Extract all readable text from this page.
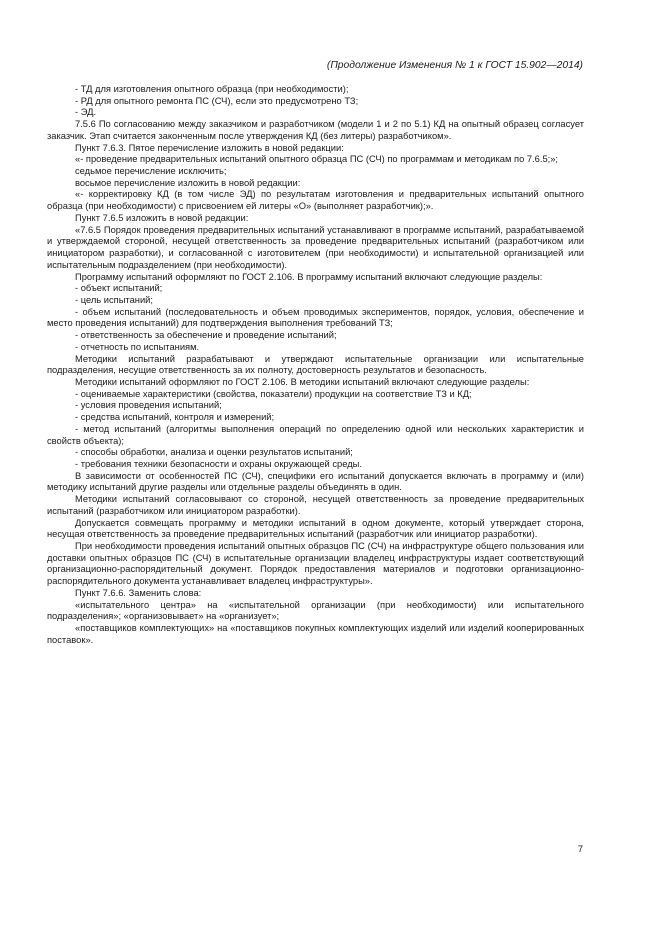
(Продолжение Изменения № 1 к ГОСТ 15.902—2014)

- ТД для изготовления опытного образца (при необходимости);

- РД для опытного ремонта ПС (СЧ), если это предусмотрено ТЗ;

- ЭД.

7.5.6 По согласованию между заказчиком и разработчиком (модели 1 и 2 по 5.1) КД на опытный образец согласует заказчик. Этап считается законченным после утверждения КД (без литеры) разработчиком».

Пункт 7.6.3. Пятое перечисление изложить в новой редакции:

«- проведение предварительных испытаний опытного образца ПС (СЧ) по программам и методикам по 7.6.5;»;

седьмое перечисление исключить;

восьмое перечисление изложить в новой редакции:

«- корректировку КД (в том числе ЭД) по результатам изготовления и предварительных испытаний опытного образца (при необходимости) с присвоением ей литеры «О» (выполняет разработчик);».

Пункт 7.6.5 изложить в новой редакции:

«7.6.5 Порядок проведения предварительных испытаний устанавливают в программе испытаний, разрабатываемой и утверждаемой стороной, несущей ответственность за проведение предварительных испытаний (разработчиком или инициатором разработки), и согласованной с изготовителем (при необходимости) и испытательной организацией или испытательным подразделением (при необходимости).

Программу испытаний оформляют по ГОСТ 2.106. В программу испытаний включают следующие разделы:

- объект испытаний;

- цель испытаний;

- объем испытаний (последовательность и объем проводимых экспериментов, порядок, условия, обеспечение и место проведения испытаний) для подтверждения выполнения требований ТЗ;

- ответственность за обеспечение и проведение испытаний;

- отчетность по испытаниям.

Методики испытаний разрабатывают и утверждают испытательные организации или испытательные подразделения, несущие ответственность за их полноту, достоверность результатов и безопасность.

Методики испытаний оформляют по ГОСТ 2.106. В методики испытаний включают следующие разделы:

- оцениваемые характеристики (свойства, показатели) продукции на соответствие ТЗ и КД;

- условия проведения испытаний;

- средства испытаний, контроля и измерений;

- метод испытаний (алгоритмы выполнения операций по определению одной или нескольких характеристик и свойств объекта);

- способы обработки, анализа и оценки результатов испытаний;

- требования техники безопасности и охраны окружающей среды.

В зависимости от особенностей ПС (СЧ), специфики его испытаний допускается включать в программу и (или) методику испытаний другие разделы или отдельные разделы объединять в один.

Методики испытаний согласовывают со стороной, несущей ответственность за проведение предварительных испытаний (разработчиком или инициатором разработки).

Допускается совмещать программу и методики испытаний в одном документе, который утверждает сторона, несущая ответственность за проведение предварительных испытаний (разработчик или инициатор разработки).

При необходимости проведения испытаний опытных образцов ПС (СЧ) на инфраструктуре общего пользования или доставки опытных образцов ПС (СЧ) в испытательные организации владелец инфраструктуры издает соответствующий организационно-распорядительный документ. Порядок предоставления материалов и подготовки организационно-распорядительного документа устанавливает владелец инфраструктуры».

Пункт 7.6.6. Заменить слова:

«испытательного центра» на «испытательной организации (при необходимости) или испытательного подразделения»; «организовывает» на «организует»;

«поставщиков комплектующих» на «поставщиков покупных комплектующих изделий или изделий кооперированных поставок».

7
